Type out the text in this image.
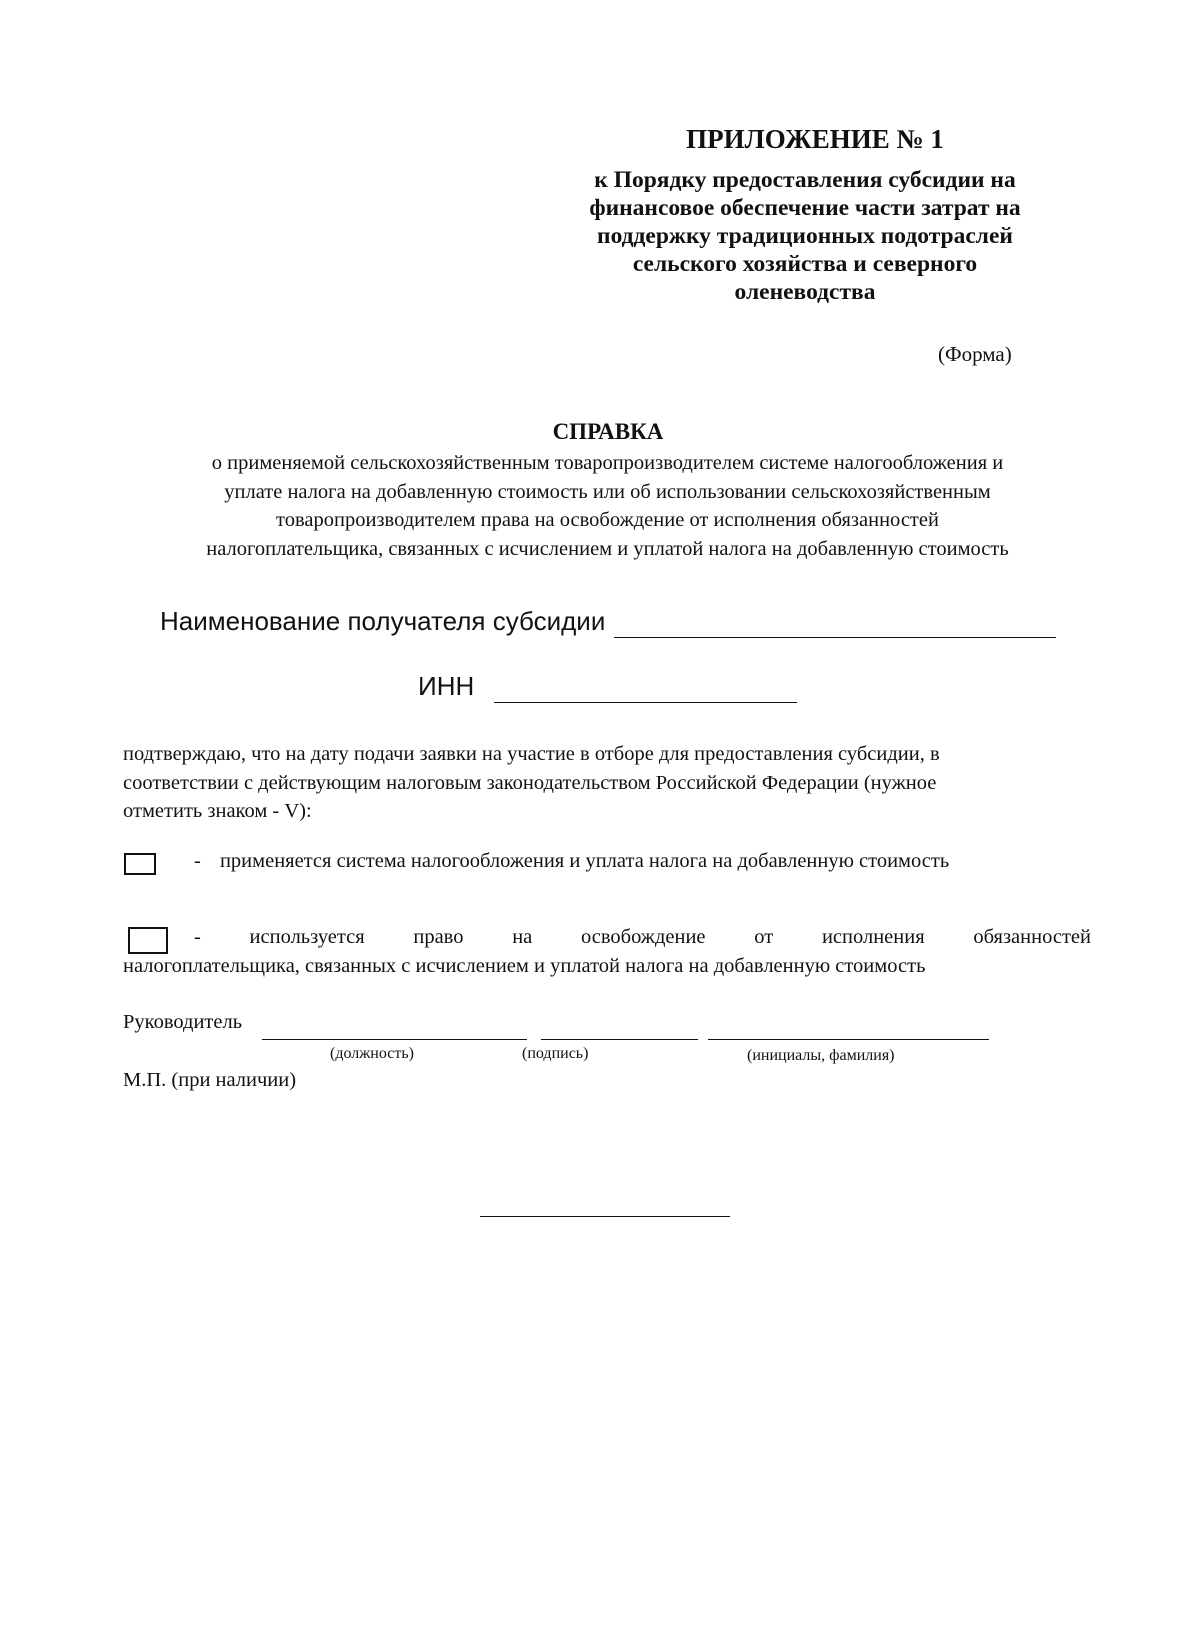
ПРИЛОЖЕНИЕ № 1
к Порядку предоставления субсидии на
финансовое обеспечение части затрат на
поддержку традиционных подотраслей
сельского хозяйства и северного
оленеводства
(Форма)
СПРАВКА
о применяемой сельскохозяйственным товаропроизводителем системе налогообложения и
уплате налога на добавленную стоимость или об использовании сельскохозяйственным
товаропроизводителем права на освобождение от исполнения обязанностей
налогоплательщика, связанных с исчислением и уплатой налога на добавленную стоимость
Наименование получателя субсидии
ИНН
подтверждаю, что на дату подачи заявки на участие в отборе для предоставления субсидии, в
соответствии с действующим налоговым законодательством Российской Федерации (нужное
отметить знаком - V):
- применяется система налогообложения и уплата налога на добавленную стоимость
- используется право на освобождение от исполнения обязанностей
налогоплательщика, связанных с исчислением и уплатой налога на добавленную стоимость
Руководитель
(должность)	(подпись)	(инициалы, фамилия)
М.П. (при наличии)
